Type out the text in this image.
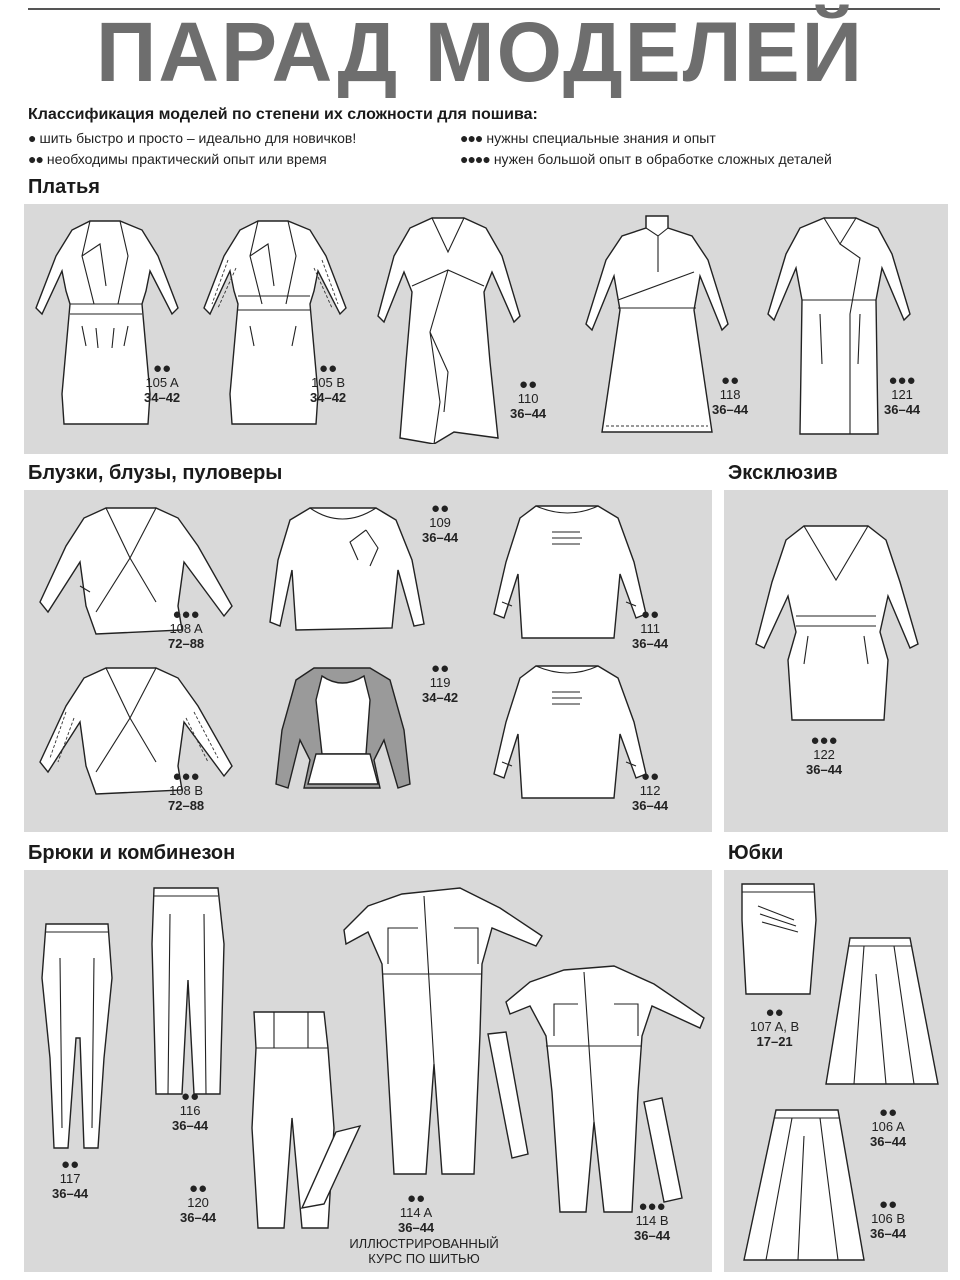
ПАРАД МОДЕЛЕЙ
Классификация моделей по степени их сложности для пошива:
● шить быстро и просто – идеально для новичков!
●● необходимы практический опыт или время
●●● нужны специальные знания и опыт
●●●● нужен большой опыт в обработке сложных деталей
Платья
●●
105 A
34–42
●●
105 B
34–42
●●
110
36–44
●●
118
36–44
●●●
121
36–44
Блузки, блузы, пуловеры
●●●
108 A
72–88
●●
109
36–44
●●
111
36–44
●●●
108 B
72–88
●●
119
34–42
●●
112
36–44
Эксклюзив
●●●
122
36–44
Брюки и комбинезон
●●
117
36–44
●●
116
36–44
●●
120
36–44
●●
114 A
36–44
●●●
114 B
36–44
ИЛЛЮСТРИРОВАННЫЙ
КУРС ПО ШИТЬЮ
Юбки
●●
107 A, B
17–21
●●
106 A
36–44
●●
106 B
36–44
